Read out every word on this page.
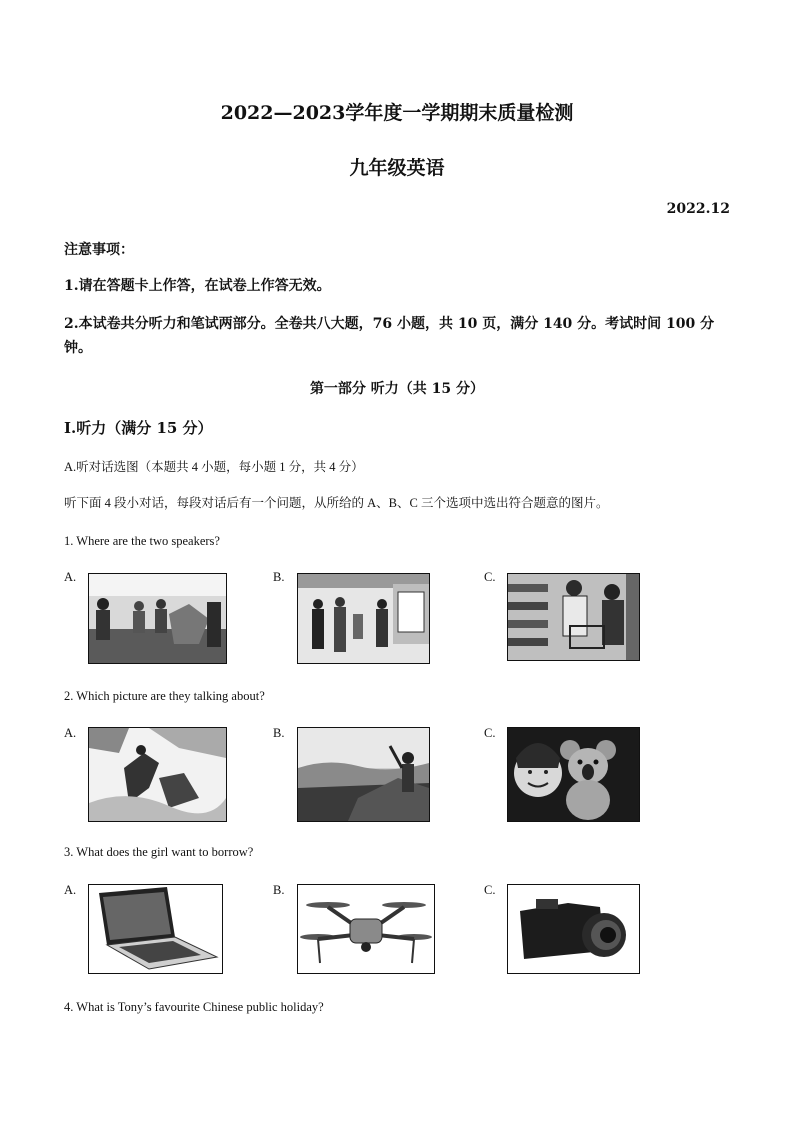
2022—2023学年度一学期期末质量检测
九年级英语
2022.12
注意事项：
1.请在答题卡上作答，在试卷上作答无效。
2.本试卷共分听力和笔试两部分。全卷共八大题，76 小题，共 10 页，满分 140 分。考试时间 100 分钟。
第一部分 听力（共 15 分）
Ⅰ.听力（满分 15 分）
A.听对话选图（本题共 4 小题，每小题 1 分，共 4 分）
听下面 4 段小对话，每段对话后有一个问题，从所给的 A、B、C 三个选项中选出符合题意的图片。
1. Where are the two speakers?
A.	B.	C.
2. Which picture are they talking about?
A.	B.	C.
3. What does the girl want to borrow?
A.	B.	C.
4. What is Tony’s favourite Chinese public holiday?
